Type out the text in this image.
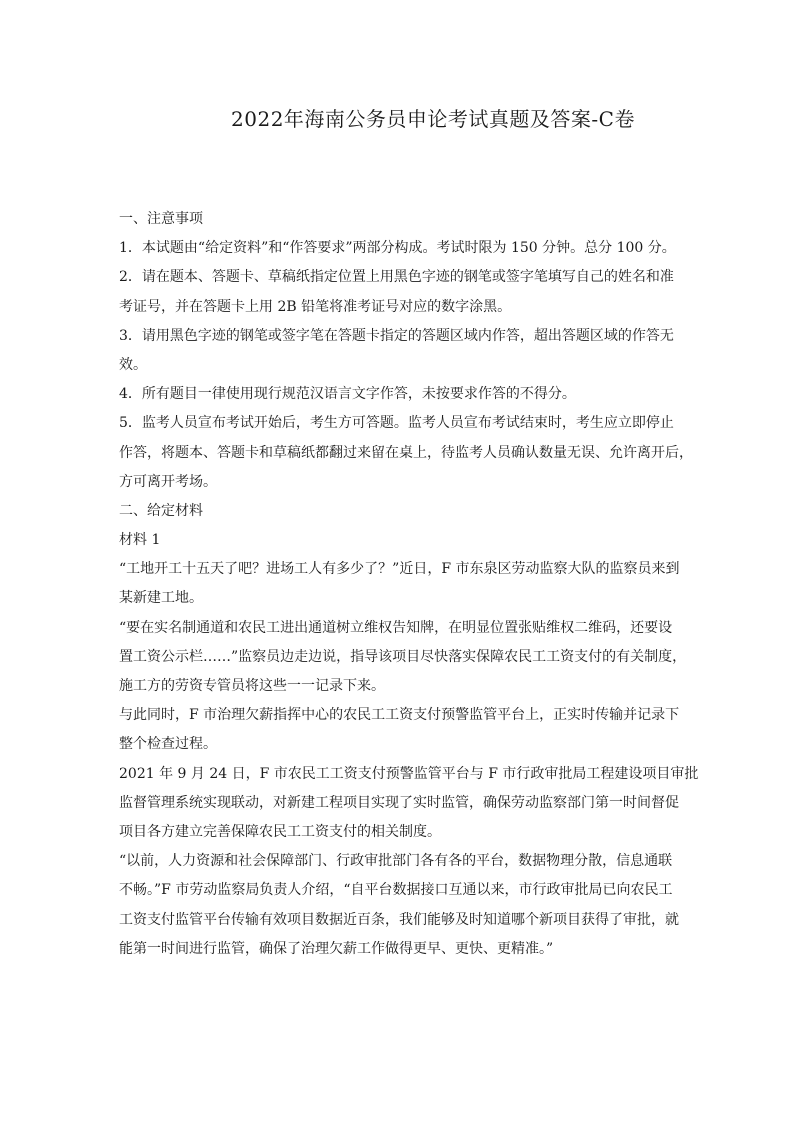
2022年海南公务员申论考试真题及答案-C卷

一、注意事项

1．本试题由“给定资料”和“作答要求”两部分构成。考试时限为 150 分钟。总分 100 分。

2．请在题本、答题卡、草稿纸指定位置上用黑色字迹的钢笔或签字笔填写自己的姓名和准

考证号，并在答题卡上用 2B 铅笔将准考证号对应的数字涂黑。

3．请用黑色字迹的钢笔或签字笔在答题卡指定的答题区域内作答，超出答题区域的作答无

效。

4．所有题目一律使用现行规范汉语言文字作答，未按要求作答的不得分。

5．监考人员宣布考试开始后，考生方可答题。监考人员宣布考试结束时，考生应立即停止

作答，将题本、答题卡和草稿纸都翻过来留在桌上，待监考人员确认数量无误、允许离开后，

方可离开考场。

二、给定材料

材料 1

“工地开工十五天了吧？进场工人有多少了？”近日，F 市东泉区劳动监察大队的监察员来到

某新建工地。

“要在实名制通道和农民工进出通道树立维权告知牌，在明显位置张贴维权二维码，还要设

置工资公示栏……”监察员边走边说，指导该项目尽快落实保障农民工工资支付的有关制度，

施工方的劳资专管员将这些一一记录下来。

与此同时，F 市治理欠薪指挥中心的农民工工资支付预警监管平台上，正实时传输并记录下

整个检查过程。

2021 年 9 月 24 日，F 市农民工工资支付预警监管平台与 F 市行政审批局工程建设项目审批

监督管理系统实现联动，对新建工程项目实现了实时监管，确保劳动监察部门第一时间督促

项目各方建立完善保障农民工工资支付的相关制度。

“以前，人力资源和社会保障部门、行政审批部门各有各的平台，数据物理分散，信息通联

不畅。”F 市劳动监察局负责人介绍，“自平台数据接口互通以来，市行政审批局已向农民工

工资支付监管平台传输有效项目数据近百条，我们能够及时知道哪个新项目获得了审批，就

能第一时间进行监管，确保了治理欠薪工作做得更早、更快、更精准。”
